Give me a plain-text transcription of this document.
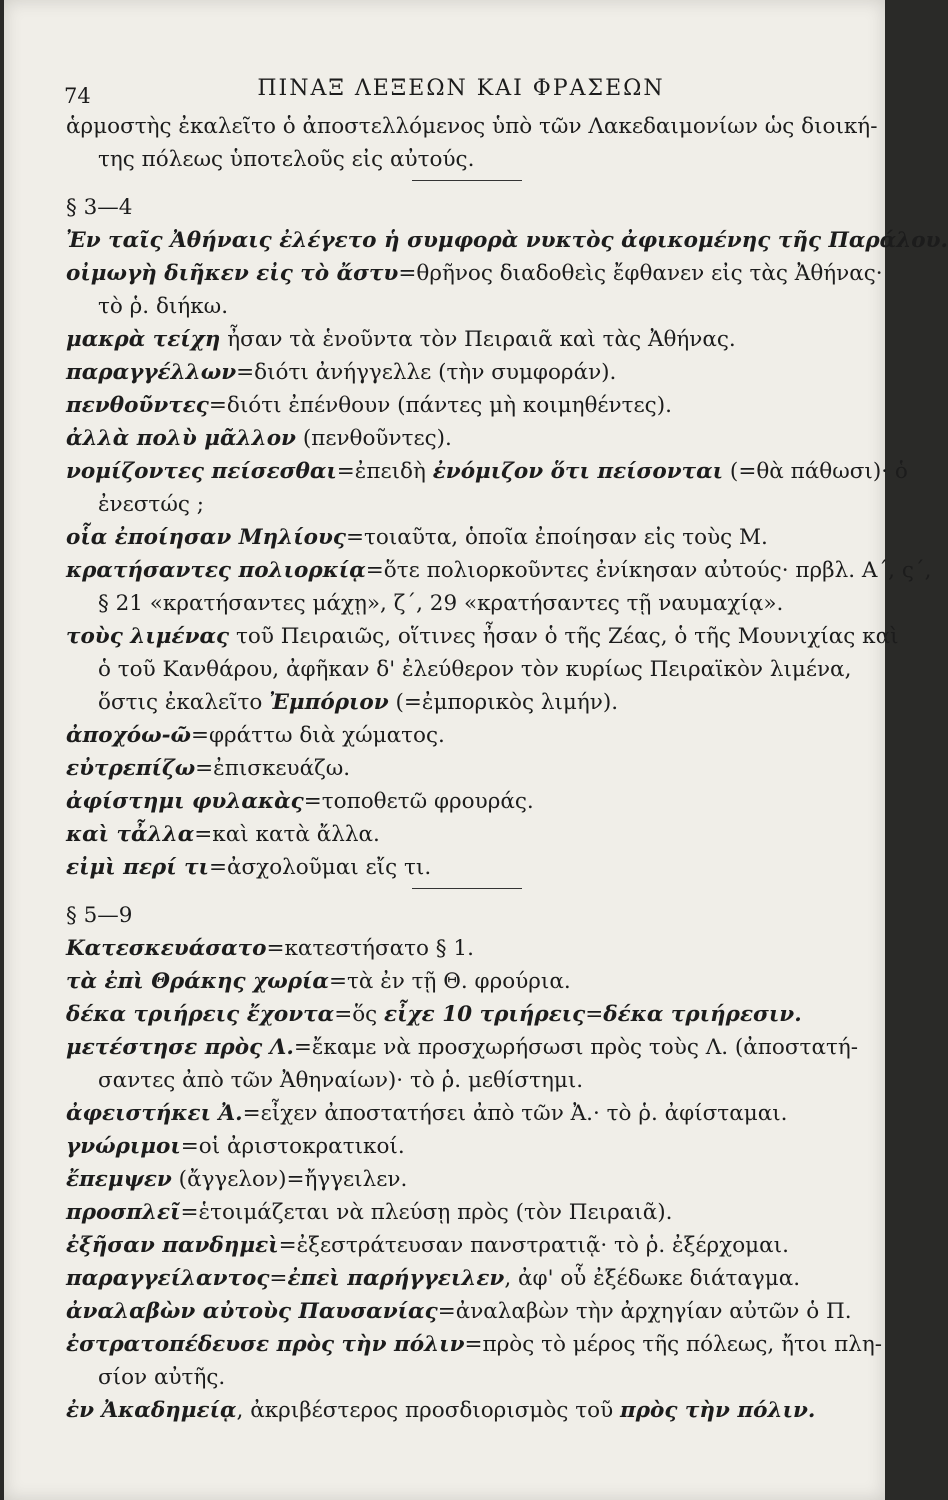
74	ΠΙΝΑΞ ΛΕΞΕΩΝ ΚΑΙ ΦΡΑΣΕΩΝ
ἁρμοστὴς ἐκαλεῖτο ὁ ἀποστελλόμενος ὑπὸ τῶν Λακεδαιμονίων ὡς διοική-
της πόλεως ὑποτελοῦς εἰς αὐτούς.
§ 3—4
Ἐν ταῖς Ἀθήναις ἐλέγετο ἡ συμφορὰ νυκτὸς ἀφικομένης τῆς Παράλου.
οἰμωγὴ διῆκεν εἰς τὸ ἄστυ=θρῆνος διαδοθεὶς ἔφθανεν εἰς τὰς Ἀθήνας·
τὸ ῥ. διήκω.
μακρὰ τείχη ἦσαν τὰ ἑνοῦντα τὸν Πειραιᾶ καὶ τὰς Ἀθήνας.
παραγγέλλων=διότι ἀνήγγελλε (τὴν συμφοράν).
πενθοῦντες=διότι ἐπένθουν (πάντες μὴ κοιμηθέντες).
ἀλλὰ πολὺ μᾶλλον (πενθοῦντες).
νομίζοντες πείσεσθαι=ἐπειδὴ ἐνόμιζον ὅτι πείσονται (=θὰ πάθωσι)· ὁ
ἐνεστώς ;
οἷα ἐποίησαν Μηλίους=τοιαῦτα, ὁποῖα ἐποίησαν εἰς τοὺς Μ.
κρατήσαντες πολιορκίᾳ=ὅτε πολιορκοῦντες ἐνίκησαν αὐτούς· πρβλ. Α΄, ς΄,
§ 21 «κρατήσαντες μάχῃ», ζ΄, 29 «κρατήσαντες τῇ ναυμαχίᾳ».
τοὺς λιμένας τοῦ Πειραιῶς, οἵτινες ἦσαν ὁ τῆς Ζέας, ὁ τῆς Μουνιχίας καὶ
ὁ τοῦ Κανθάρου, ἀφῆκαν δ' ἐλεύθερον τὸν κυρίως Πειραϊκὸν λιμένα,
ὅστις ἐκαλεῖτο Ἐμπόριον (=ἐμπορικὸς λιμήν).
ἀποχόω-ῶ=φράττω διὰ χώματος.
εὐτρεπίζω=ἐπισκευάζω.
ἀφίστημι φυλακὰς=τοποθετῶ φρουράς.
καὶ τἆλλα=καὶ κατὰ ἄλλα.
εἰμὶ περί τι=ἀσχολοῦμαι εἴς τι.
§ 5—9
Κατεσκευάσατο=κατεστήσατο § 1.
τὰ ἐπὶ Θράκης χωρία=τὰ ἐν τῇ Θ. φρούρια.
δέκα τριήρεις ἔχοντα=ὅς εἶχε 10 τριήρεις=δέκα τριήρεσιν.
μετέστησε πρὸς Λ.=ἔκαμε νὰ προσχωρήσωσι πρὸς τοὺς Λ. (ἀποστατή-
σαντες ἀπὸ τῶν Ἀθηναίων)· τὸ ῥ. μεθίστημι.
ἀφειστήκει Ἀ.=εἶχεν ἀποστατήσει ἀπὸ τῶν Ἀ.· τὸ ῥ. ἀφίσταμαι.
γνώριμοι=οἱ ἀριστοκρατικοί.
ἔπεμψεν (ἄγγελον)=ἤγγειλεν.
προσπλεῖ=ἑτοιμάζεται νὰ πλεύσῃ πρὸς (τὸν Πειραιᾶ).
ἐξῆσαν πανδημεὶ=ἐξεστράτευσαν πανστρατιᾷ· τὸ ῥ. ἐξέρχομαι.
παραγγείλαντος=ἐπεὶ παρήγγειλεν, ἀφ' οὗ ἐξέδωκε διάταγμα.
ἀναλαβὼν αὐτοὺς Παυσανίας=ἀναλαβὼν τὴν ἀρχηγίαν αὐτῶν ὁ Π.
ἐστρατοπέδευσε πρὸς τὴν πόλιν=πρὸς τὸ μέρος τῆς πόλεως, ἤτοι πλη-
σίον αὐτῆς.
ἐν Ἀκαδημείᾳ, ἀκριβέστερος προσδιορισμὸς τοῦ πρὸς τὴν πόλιν.
